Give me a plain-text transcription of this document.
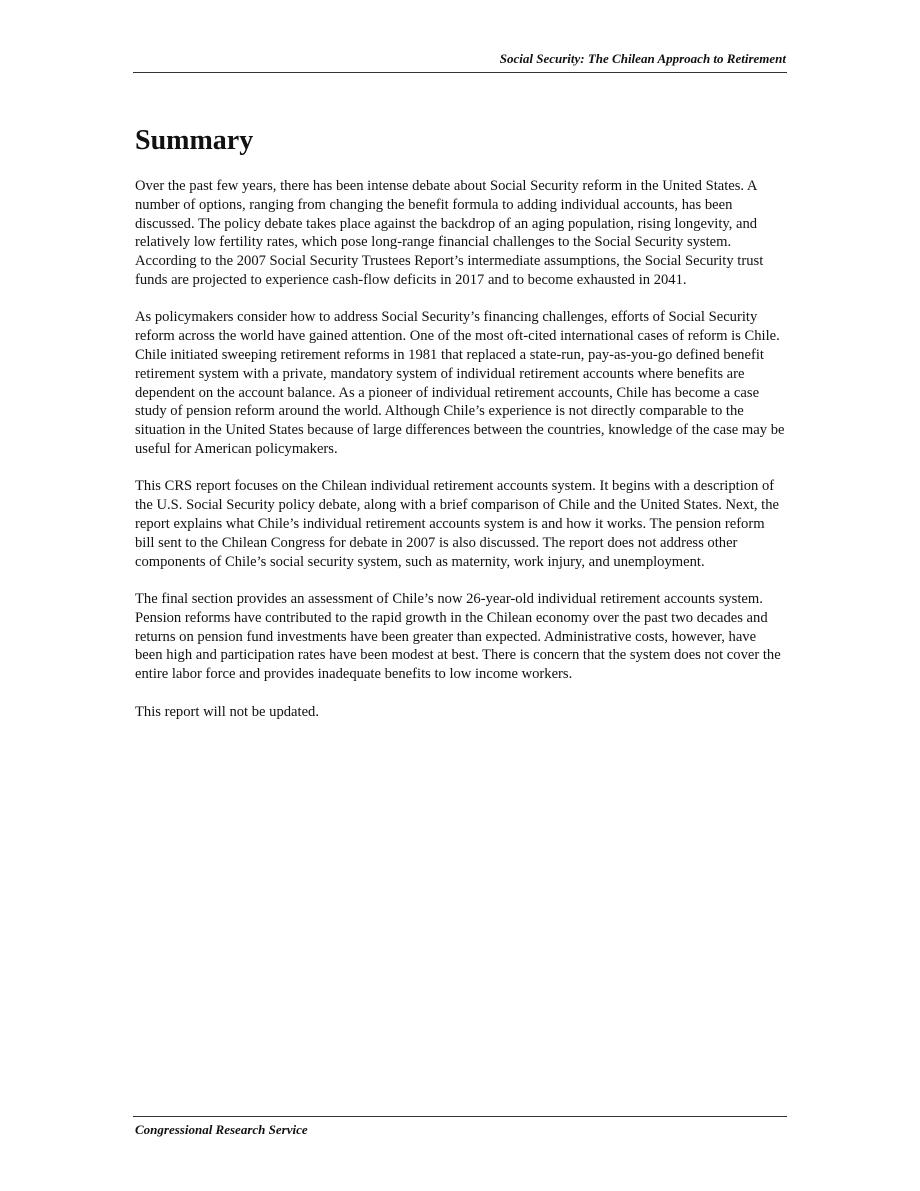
Social Security: The Chilean Approach to Retirement
Summary

Over the past few years, there has been intense debate about Social Security reform in the United States. A number of options, ranging from changing the benefit formula to adding individual accounts, has been discussed. The policy debate takes place against the backdrop of an aging population, rising longevity, and relatively low fertility rates, which pose long-range financial challenges to the Social Security system. According to the 2007 Social Security Trustees Report’s intermediate assumptions, the Social Security trust funds are projected to experience cash-flow deficits in 2017 and to become exhausted in 2041.

As policymakers consider how to address Social Security’s financing challenges, efforts of Social Security reform across the world have gained attention. One of the most oft-cited international cases of reform is Chile. Chile initiated sweeping retirement reforms in 1981 that replaced a state-run, pay-as-you-go defined benefit retirement system with a private, mandatory system of individual retirement accounts where benefits are dependent on the account balance. As a pioneer of individual retirement accounts, Chile has become a case study of pension reform around the world. Although Chile’s experience is not directly comparable to the situation in the United States because of large differences between the countries, knowledge of the case may be useful for American policymakers.

This CRS report focuses on the Chilean individual retirement accounts system. It begins with a description of the U.S. Social Security policy debate, along with a brief comparison of Chile and the United States. Next, the report explains what Chile’s individual retirement accounts system is and how it works. The pension reform bill sent to the Chilean Congress for debate in 2007 is also discussed. The report does not address other components of Chile’s social security system, such as maternity, work injury, and unemployment.

The final section provides an assessment of Chile’s now 26-year-old individual retirement accounts system. Pension reforms have contributed to the rapid growth in the Chilean economy over the past two decades and returns on pension fund investments have been greater than expected. Administrative costs, however, have been high and participation rates have been modest at best. There is concern that the system does not cover the entire labor force and provides inadequate benefits to low income workers.

This report will not be updated.

Congressional Research Service
